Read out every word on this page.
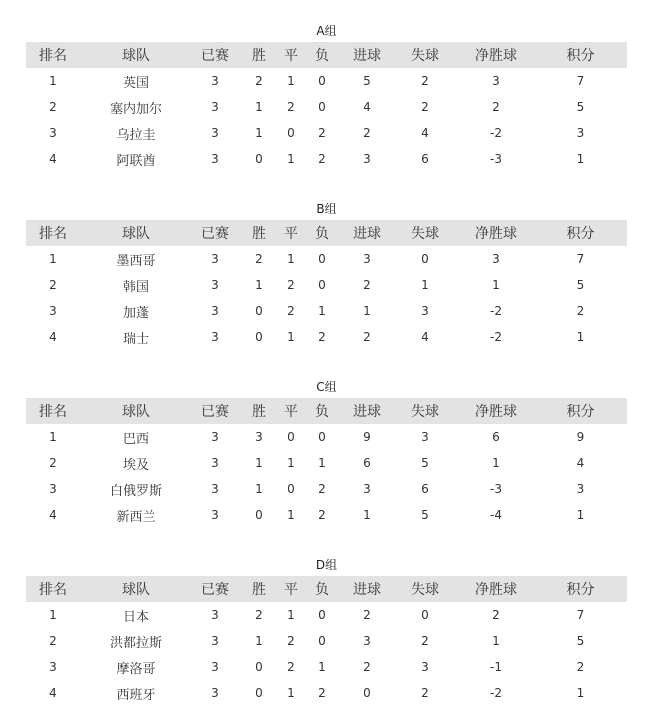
A组
排名	球队	已赛	胜	平	负	进球	失球	净胜球	积分
1	英国	3	2	1	0	5	2	3	7
2	塞内加尔	3	1	2	0	4	2	2	5
3	乌拉圭	3	1	0	2	2	4	-2	3
4	阿联酋	3	0	1	2	3	6	-3	1
B组
排名	球队	已赛	胜	平	负	进球	失球	净胜球	积分
1	墨西哥	3	2	1	0	3	0	3	7
2	韩国	3	1	2	0	2	1	1	5
3	加蓬	3	0	2	1	1	3	-2	2
4	瑞士	3	0	1	2	2	4	-2	1
C组
排名	球队	已赛	胜	平	负	进球	失球	净胜球	积分
1	巴西	3	3	0	0	9	3	6	9
2	埃及	3	1	1	1	6	5	1	4
3	白俄罗斯	3	1	0	2	3	6	-3	3
4	新西兰	3	0	1	2	1	5	-4	1
D组
排名	球队	已赛	胜	平	负	进球	失球	净胜球	积分
1	日本	3	2	1	0	2	0	2	7
2	洪都拉斯	3	1	2	0	3	2	1	5
3	摩洛哥	3	0	2	1	2	3	-1	2
4	西班牙	3	0	1	2	0	2	-2	1
